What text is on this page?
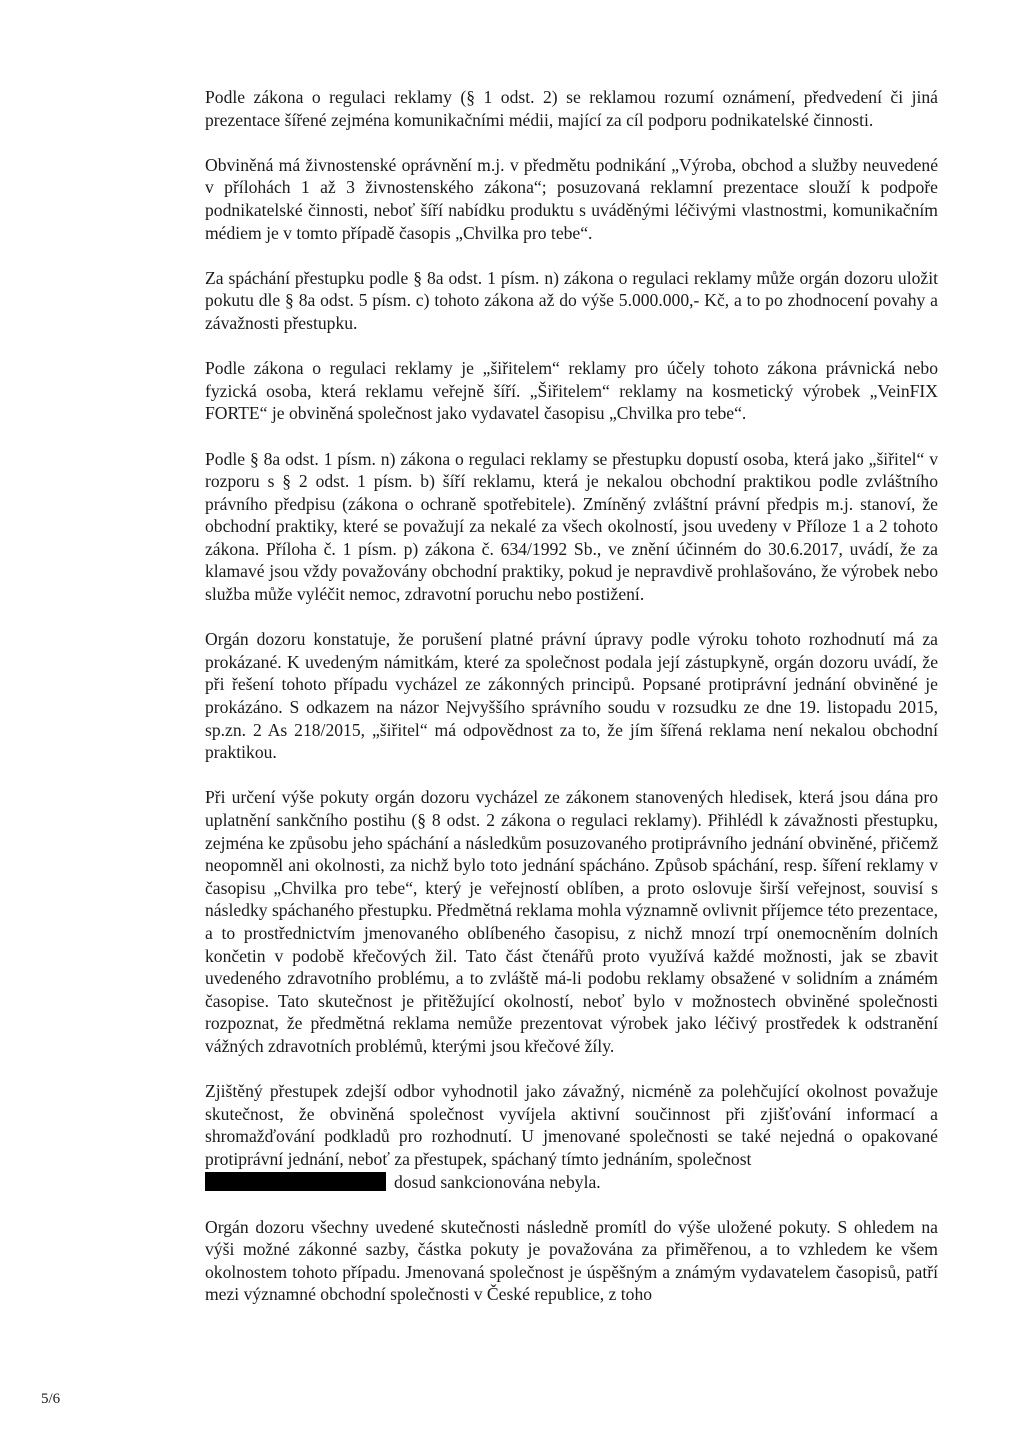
Podle zákona o regulaci reklamy (§ 1 odst. 2) se reklamou rozumí oznámení, předvedení či jiná prezentace šířené zejména komunikačními médii, mající za cíl podporu podnikatelské činnosti.

Obviněná má živnostenské oprávnění m.j. v předmětu podnikání „Výroba, obchod a služby neuvedené v přílohách 1 až 3 živnostenského zákona“; posuzovaná reklamní prezentace slouží k podpoře podnikatelské činnosti, neboť šíří nabídku produktu s uváděnými léčivými vlastnostmi, komunikačním médiem je v tomto případě časopis „Chvilka pro tebe“.

Za spáchání přestupku podle § 8a odst. 1 písm. n) zákona o regulaci reklamy může orgán dozoru uložit pokutu dle § 8a odst. 5 písm. c) tohoto zákona až do výše 5.000.000,- Kč, a to po zhodnocení povahy a závažnosti přestupku.

Podle zákona o regulaci reklamy je „šiřitelem“ reklamy pro účely tohoto zákona právnická nebo fyzická osoba, která reklamu veřejně šíří. „Šiřitelem“ reklamy na kosmetický výrobek „VeinFIX FORTE“ je obviněná společnost jako vydavatel časopisu „Chvilka pro tebe“.

Podle § 8a odst. 1 písm. n) zákona o regulaci reklamy se přestupku dopustí osoba, která jako „šiřitel“ v rozporu s § 2 odst. 1 písm. b) šíří reklamu, která je nekalou obchodní praktikou podle zvláštního právního předpisu (zákona o ochraně spotřebitele). Zmíněný zvláštní právní předpis m.j. stanoví, že obchodní praktiky, které se považují za nekalé za všech okolností, jsou uvedeny v Příloze 1 a 2 tohoto zákona. Příloha č. 1 písm. p) zákona č. 634/1992 Sb., ve znění účinném do 30.6.2017, uvádí, že za klamavé jsou vždy považovány obchodní praktiky, pokud je nepravdivě prohlašováno, že výrobek nebo služba může vyléčit nemoc, zdravotní poruchu nebo postižení.

Orgán dozoru konstatuje, že porušení platné právní úpravy podle výroku tohoto rozhodnutí má za prokázané. K uvedeným námitkám, které za společnost podala její zástupkyně, orgán dozoru uvádí, že při řešení tohoto případu vycházel ze zákonných principů. Popsané protiprávní jednání obviněné je prokázáno. S odkazem na názor Nejvyššího správního soudu v rozsudku ze dne 19. listopadu 2015, sp.zn. 2 As 218/2015, „šiřitel“ má odpovědnost za to, že jím šířená reklama není nekalou obchodní praktikou.

Při určení výše pokuty orgán dozoru vycházel ze zákonem stanovených hledisek, která jsou dána pro uplatnění sankčního postihu (§ 8 odst. 2 zákona o regulaci reklamy). Přihlédl k závažnosti přestupku, zejména ke způsobu jeho spáchání a následkům posuzovaného protiprávního jednání obviněné, přičemž neopomněl ani okolnosti, za nichž bylo toto jednání spácháno. Způsob spáchání, resp. šíření reklamy v časopisu „Chvilka pro tebe“, který je veřejností oblíben, a proto oslovuje širší veřejnost, souvisí s následky spáchaného přestupku. Předmětná reklama mohla významně ovlivnit příjemce této prezentace, a to prostřednictvím jmenovaného oblíbeného časopisu, z nichž mnozí trpí onemocněním dolních končetin v podobě křečových žil. Tato část čtenářů proto využívá každé možnosti, jak se zbavit uvedeného zdravotního problému, a to zvláště má-li podobu reklamy obsažené v solidním a známém časopise. Tato skutečnost je přitěžující okolností, neboť bylo v možnostech obviněné společnosti rozpoznat, že předmětná reklama nemůže prezentovat výrobek jako léčivý prostředek k odstranění vážných zdravotních problémů, kterými jsou křečové žíly.

Zjištěný přestupek zdejší odbor vyhodnotil jako závažný, nicméně za polehčující okolnost považuje skutečnost, že obviněná společnost vyvíjela aktivní součinnost při zjišťování informací a shromažďování podkladů pro rozhodnutí. U jmenované společnosti se také nejedná o opakované protiprávní jednání, neboť za přestupek, spáchaný tímto jednáním, společnost
dosud sankcionována nebyla.

Orgán dozoru všechny uvedené skutečnosti následně promítl do výše uložené pokuty. S ohledem na výši možné zákonné sazby, částka pokuty je považována za přiměřenou, a to vzhledem ke všem okolnostem tohoto případu. Jmenovaná společnost je úspěšným a známým vydavatelem časopisů, patří mezi významné obchodní společnosti v České republice, z toho

5/6
